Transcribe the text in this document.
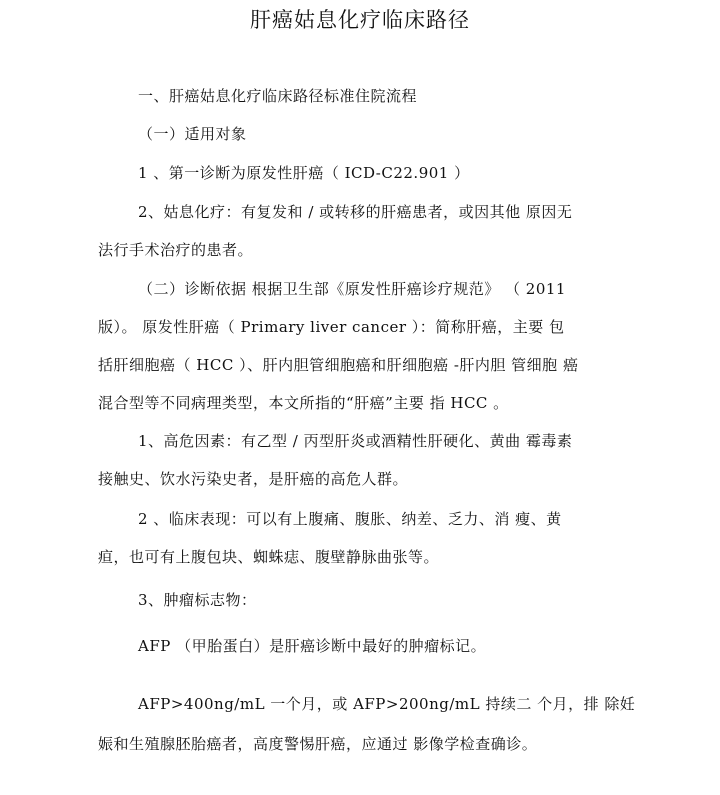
肝癌姑息化疗临床路径

一、肝癌姑息化疗临床路径标准住院流程

（一）适用对象

1 、第一诊断为原发性肝癌（ ICD-C22.901 ）

2、姑息化疗：有复发和 / 或转移的肝癌患者，或因其他 原因无

法行手术治疗的患者。

（二）诊断依据 根据卫生部《原发性肝癌诊疗规范》 （ 2011

版）。 原发性肝癌（ Primary liver cancer ）：简称肝癌，主要 包

括肝细胞癌（ HCC ）、肝内胆管细胞癌和肝细胞癌 -肝内胆 管细胞 癌

混合型等不同病理类型，本文所指的“肝癌”主要 指 HCC 。

1、高危因素：有乙型 / 丙型肝炎或酒精性肝硬化、黄曲 霉毒素

接触史、饮水污染史者，是肝癌的高危人群。

2 、临床表现：可以有上腹痛、腹胀、纳差、乏力、消 瘦、黄

疸，也可有上腹包块、蜘蛛痣、腹壁静脉曲张等。

3、肿瘤标志物：

AFP （甲胎蛋白）是肝癌诊断中最好的肿瘤标记。

AFP>400ng/mL 一个月，或 AFP>200ng/mL 持续二 个月，排 除妊

娠和生殖腺胚胎癌者，高度警惕肝癌，应通过 影像学检查确诊。
